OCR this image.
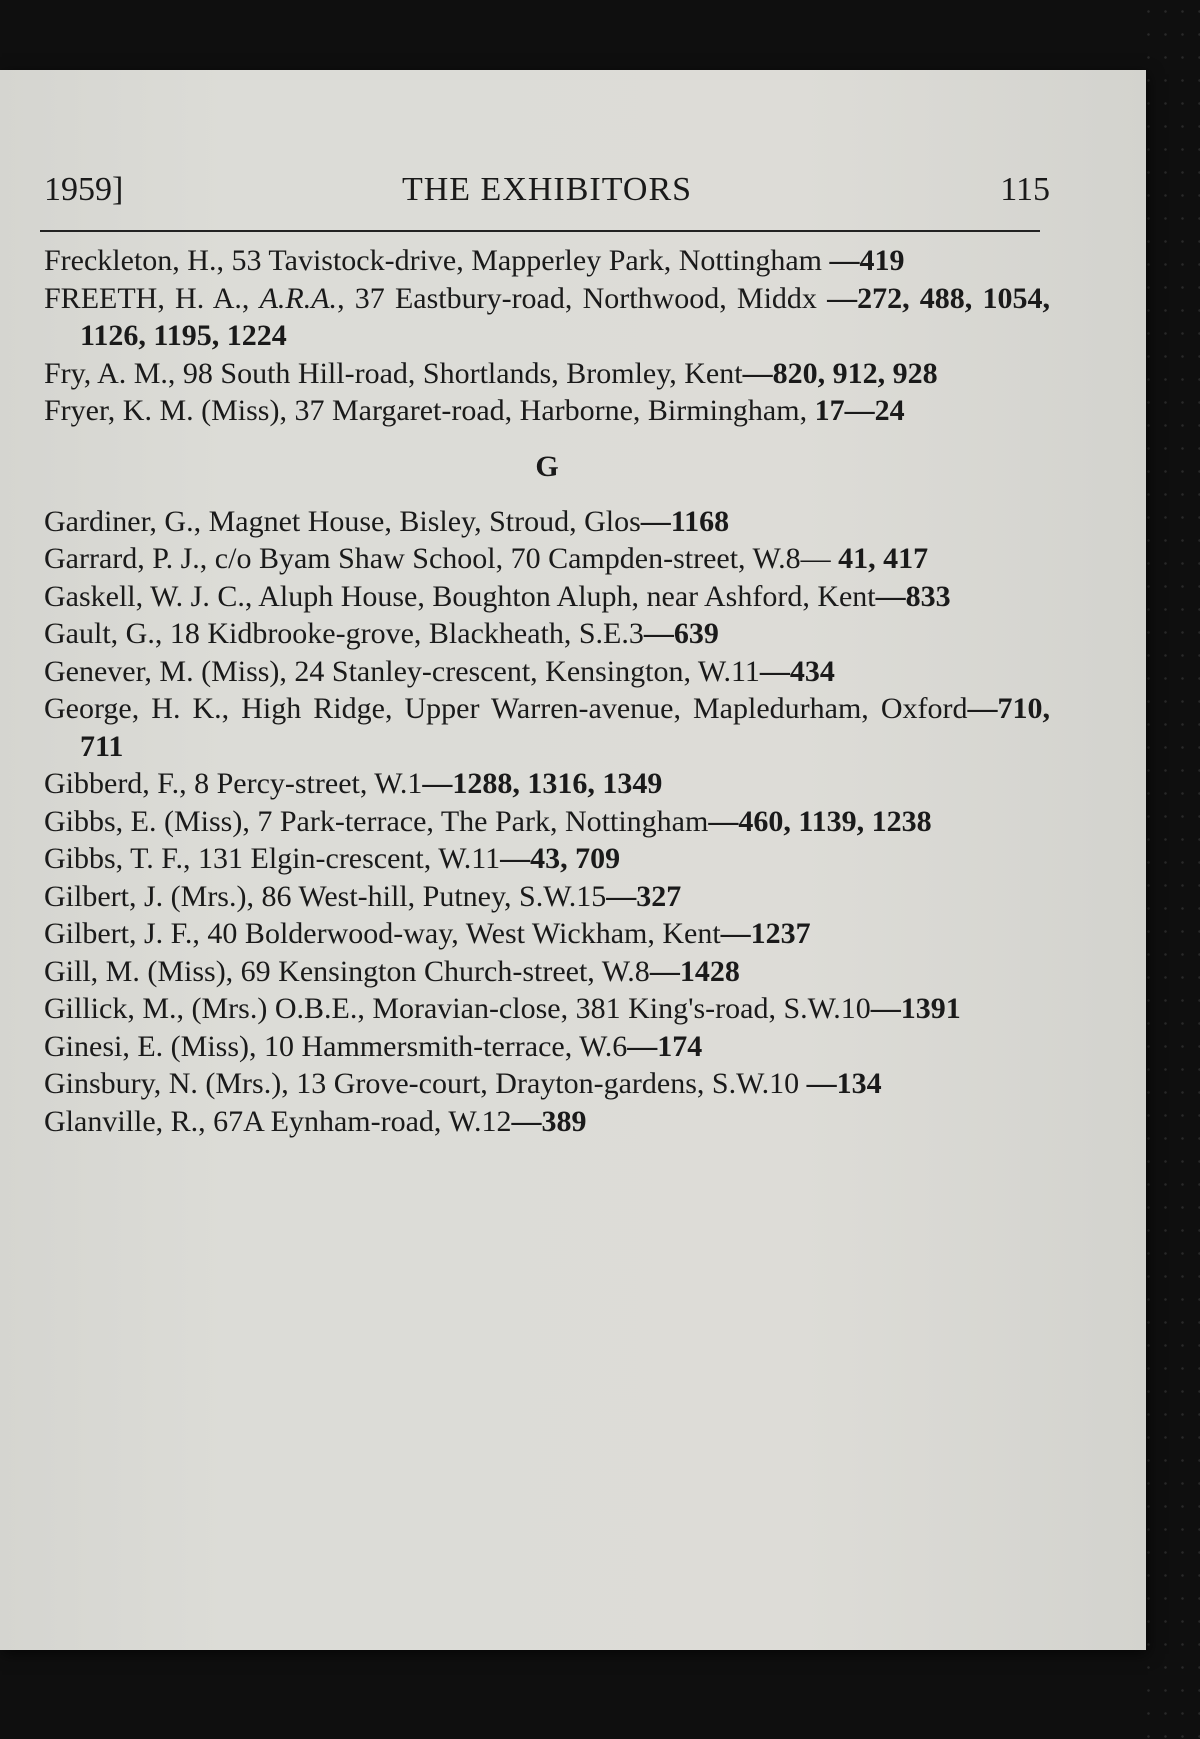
1959]	THE EXHIBITORS	115
Freckleton, H., 53 Tavistock-drive, Mapperley Park, Nottingham —419
FREETH, H. A., A.R.A., 37 Eastbury-road, Northwood, Middx —272, 488, 1054, 1126, 1195, 1224
Fry, A. M., 98 South Hill-road, Shortlands, Bromley, Kent—820, 912, 928
Fryer, K. M. (Miss), 37 Margaret-road, Harborne, Birmingham, 17—24
G
Gardiner, G., Magnet House, Bisley, Stroud, Glos—1168
Garrard, P. J., c/o Byam Shaw School, 70 Campden-street, W.8— 41, 417
Gaskell, W. J. C., Aluph House, Boughton Aluph, near Ashford, Kent—833
Gault, G., 18 Kidbrooke-grove, Blackheath, S.E.3—639
Genever, M. (Miss), 24 Stanley-crescent, Kensington, W.11—434
George, H. K., High Ridge, Upper Warren-avenue, Mapledurham, Oxford—710, 711
Gibberd, F., 8 Percy-street, W.1—1288, 1316, 1349
Gibbs, E. (Miss), 7 Park-terrace, The Park, Nottingham—460, 1139, 1238
Gibbs, T. F., 131 Elgin-crescent, W.11—43, 709
Gilbert, J. (Mrs.), 86 West-hill, Putney, S.W.15—327
Gilbert, J. F., 40 Bolderwood-way, West Wickham, Kent—1237
Gill, M. (Miss), 69 Kensington Church-street, W.8—1428
Gillick, M., (Mrs.) O.B.E., Moravian-close, 381 King's-road, S.W.10—1391
Ginesi, E. (Miss), 10 Hammersmith-terrace, W.6—174
Ginsbury, N. (Mrs.), 13 Grove-court, Drayton-gardens, S.W.10 —134
Glanville, R., 67A Eynham-road, W.12—389
